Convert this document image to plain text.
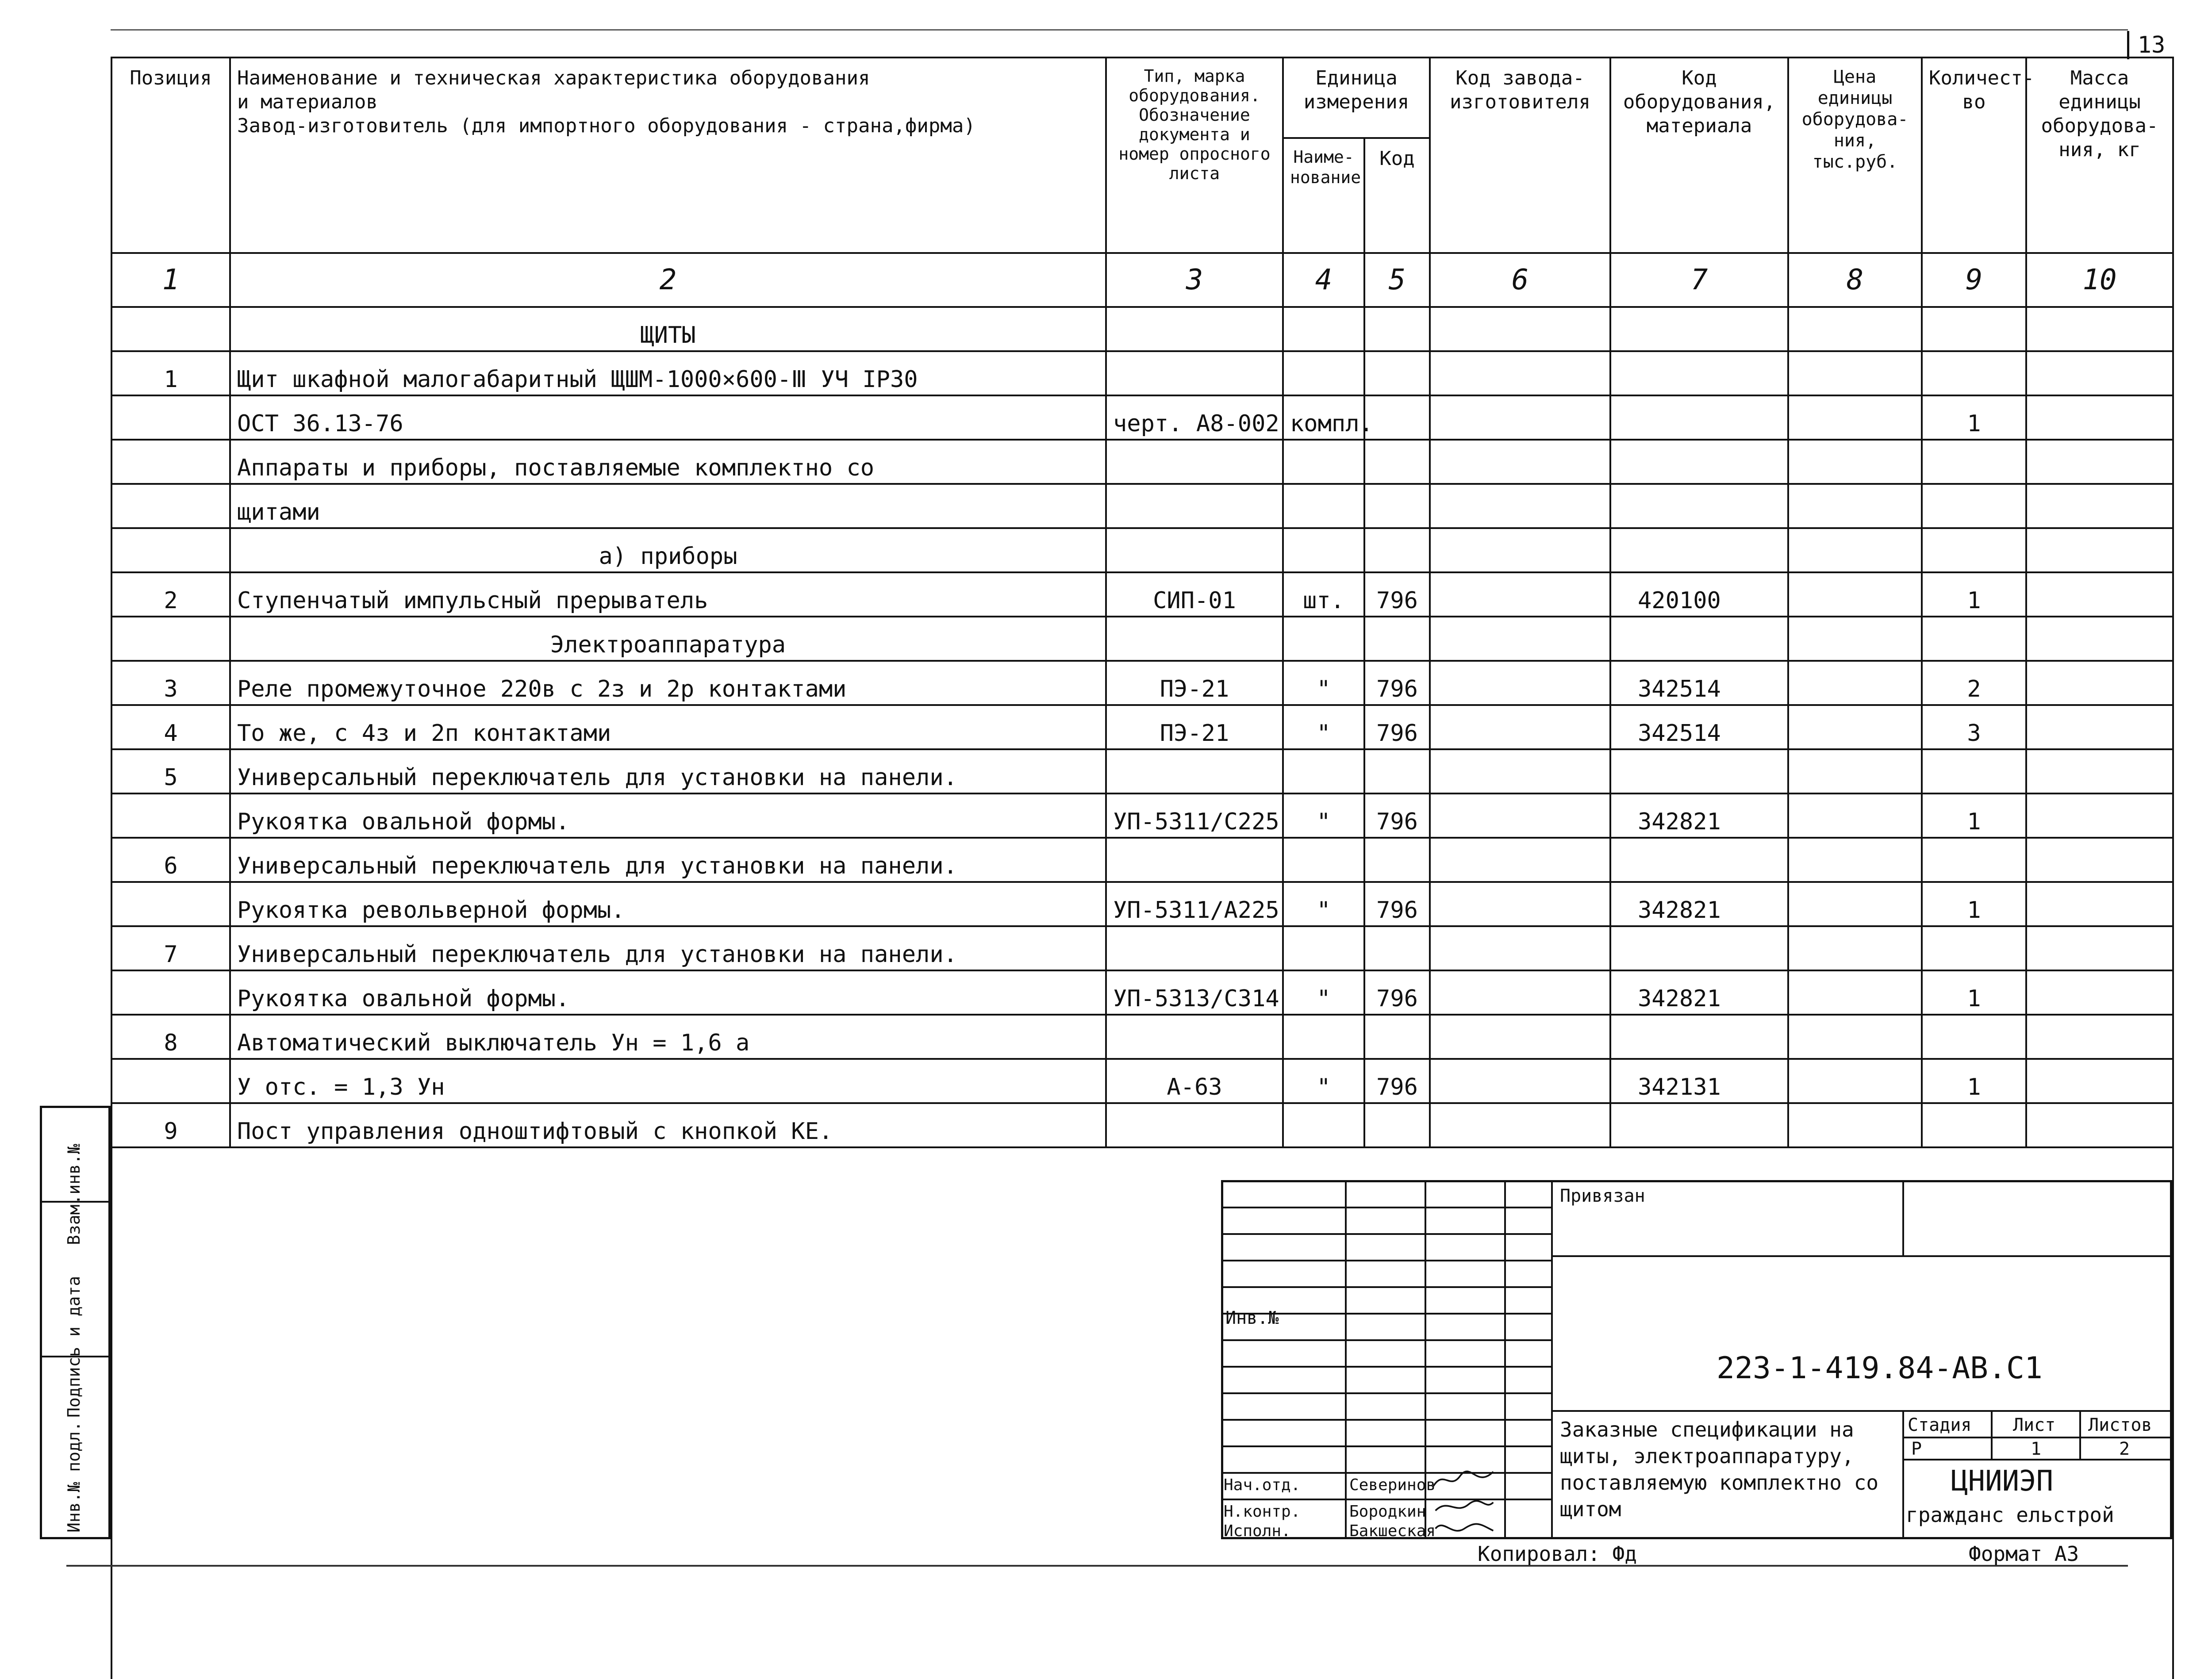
13
Позиция	Наименование и техническая характеристика оборудования
и материалов
Завод-изготовитель (для импортного оборудования - страна,фирма)	Тип, марка оборудования. Обозначение документа и номер опросного листа	Единица измерения		Код завода-изготовителя	Код оборудования, материала	Цена единицы оборудова-ния, тыс.руб.	Количест-во	Масса единицы оборудова-ния, кг
			Наиме-нование	Код					
1	2	3	4	5	6	7	8	9	10
	ЩИТЫ								
1	Щит шкафной малогабаритный ЩШМ-1000×600-Ⅲ УЧ IP30								
	ОСТ 36.13-76	черт. А8-002	компл.					1	
	Аппараты и приборы, поставляемые комплектно со								
	щитами								
	а) приборы								
2	Ступенчатый импульсный прерыватель	СИП-01	шт.	796		420100		1	
	Электроаппаратура								
3	Реле промежуточное 220в с 2з и 2р контактами	ПЭ-21	"	796		342514		2	
4	То же, с 4з и 2п контактами	ПЭ-21	"	796		342514		3	
5	Универсальный переключатель для установки на панели.								
	Рукоятка овальной формы.	УП-5311/С225	"	796		342821		1	
6	Универсальный переключатель для установки на панели.								
	Рукоятка револьверной формы.	УП-5311/А225	"	796		342821		1	
7	Универсальный переключатель для установки на панели.								
	Рукоятка овальной формы.	УП-5313/С314	"	796		342821		1	
8	Автоматический выключатель Ун = 1,6 а								
	У отс. = 1,3 Ун	А-63	"	796		342131		1	
9	Пост управления одноштифтовый с кнопкой КЕ.								

Инв.№ подл.
Подпись и дата
Взам.инв.№
Инв.№
Нач.отд.
Н.контр.
Исполн.
Северинов
Бородкин
Бакшеская
Привязан
223-1-419.84-АВ.С1
Заказные спецификации на щиты, электроаппаратуру, поставляемую комплектно со щитом
Стадия Лист Листов
Р	1	2
ЦНИИЭП
гражданс ельстрой
Копировал: Фд	Формат А3
